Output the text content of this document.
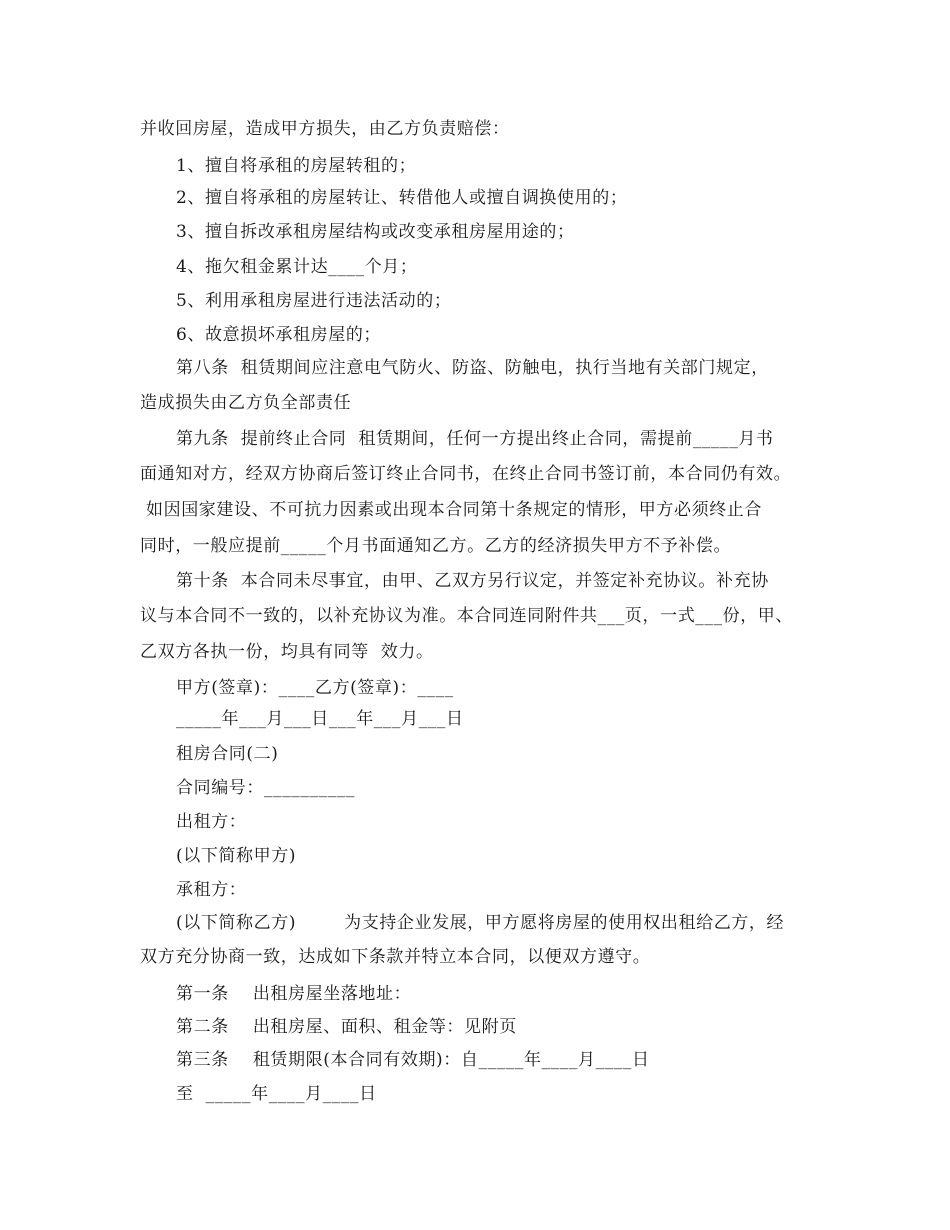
并收回房屋，造成甲方损失，由乙方负责赔偿：
1、擅自将承租的房屋转租的；
2、擅自将承租的房屋转让、转借他人或擅自调换使用的；
3、擅自拆改承租房屋结构或改变承租房屋用途的；
4、拖欠租金累计达____个月；
5、利用承租房屋进行违法活动的；
6、故意损坏承租房屋的；
第八条  租赁期间应注意电气防火、防盗、防触电，执行当地有关部门规定，
造成损失由乙方负全部责任
第九条  提前终止合同  租赁期间，任何一方提出终止合同，需提前_____月书
面通知对方，经双方协商后签订终止合同书，在终止合同书签订前，本合同仍有效。
如因国家建设、不可抗力因素或出现本合同第十条规定的情形，甲方必须终止合
同时，一般应提前_____个月书面通知乙方。乙方的经济损失甲方不予补偿。
第十条  本合同未尽事宜，由甲、乙双方另行议定，并签定补充协议。补充协
议与本合同不一致的，以补充协议为准。本合同连同附件共___页，一式___份，甲、
乙双方各执一份，均具有同等  效力。
甲方(签章)：____乙方(签章)：____
_____年___月___日___年___月___日
租房合同(二)
合同编号：__________
出租方：
(以下简称甲方)
承租方：
(以下简称乙方)        为支持企业发展，甲方愿将房屋的使用权出租给乙方，经
双方充分协商一致，达成如下条款并特立本合同，以便双方遵守。
第一条    出租房屋坐落地址：
第二条    出租房屋、面积、租金等：见附页
第三条    租赁期限(本合同有效期)：自_____年____月____日
至  _____年____月____日
